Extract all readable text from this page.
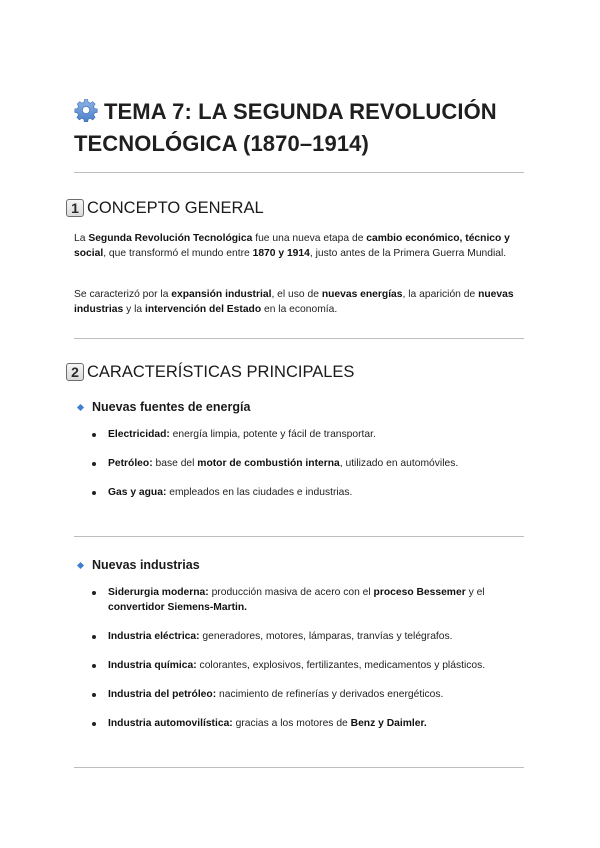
TEMA 7: LA SEGUNDA REVOLUCIÓN
TECNOLÓGICA (1870–1914)
1 CONCEPTO GENERAL
La Segunda Revolución Tecnológica fue una nueva etapa de cambio económico, técnico y social, que transformó el mundo entre 1870 y 1914, justo antes de la Primera Guerra Mundial.
Se caracterizó por la expansión industrial, el uso de nuevas energías, la aparición de nuevas industrias y la intervención del Estado en la economía.
2 CARACTERÍSTICAS PRINCIPALES
Nuevas fuentes de energía
Electricidad: energía limpia, potente y fácil de transportar.
Petróleo: base del motor de combustión interna, utilizado en automóviles.
Gas y agua: empleados en las ciudades e industrias.
Nuevas industrias
Siderurgia moderna: producción masiva de acero con el proceso Bessemer y el convertidor Siemens-Martin.
Industria eléctrica: generadores, motores, lámparas, tranvías y telégrafos.
Industria química: colorantes, explosivos, fertilizantes, medicamentos y plásticos.
Industria del petróleo: nacimiento de refinerías y derivados energéticos.
Industria automovilística: gracias a los motores de Benz y Daimler.
